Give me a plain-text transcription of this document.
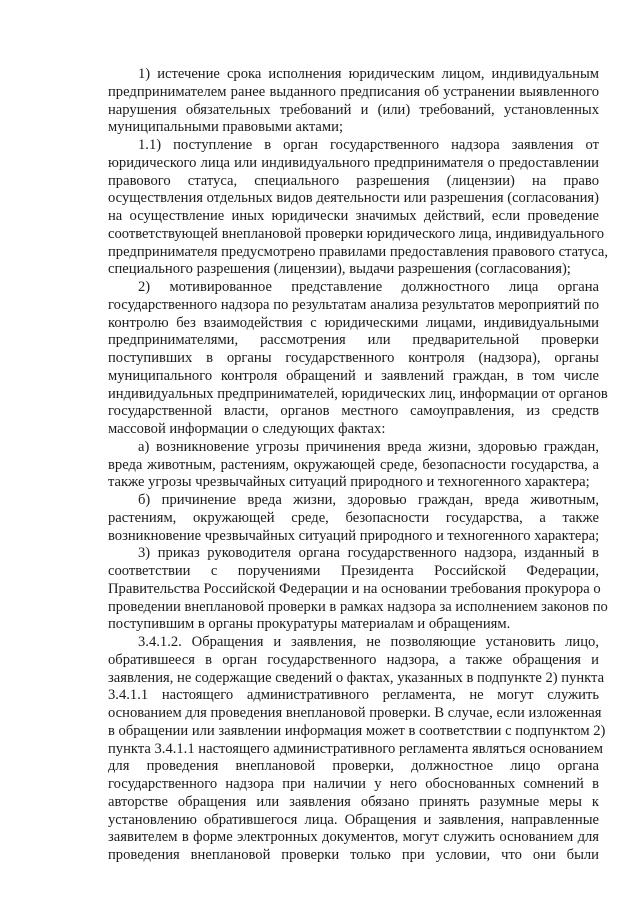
1) истечение срока исполнения юридическим лицом, индивидуальным
предпринимателем ранее выданного предписания об устранении выявленного
нарушения обязательных требований и (или) требований, установленных
муниципальными правовыми актами;
1.1) поступление в орган государственного надзора заявления от
юридического лица или индивидуального предпринимателя о предоставлении
правового статуса, специального разрешения (лицензии) на право
осуществления отдельных видов деятельности или разрешения (согласования)
на осуществление иных юридически значимых действий, если проведение
соответствующей внеплановой проверки юридического лица, индивидуального
предпринимателя предусмотрено правилами предоставления правового статуса,
специального разрешения (лицензии), выдачи разрешения (согласования);
2) мотивированное представление должностного лица органа
государственного надзора по результатам анализа результатов мероприятий по
контролю без взаимодействия с юридическими лицами, индивидуальными
предпринимателями, рассмотрения или предварительной проверки
поступивших в органы государственного контроля (надзора), органы
муниципального контроля обращений и заявлений граждан, в том числе
индивидуальных предпринимателей, юридических лиц, информации от органов
государственной власти, органов местного самоуправления, из средств
массовой информации о следующих фактах:
а) возникновение угрозы причинения вреда жизни, здоровью граждан,
вреда животным, растениям, окружающей среде, безопасности государства, а
также угрозы чрезвычайных ситуаций природного и техногенного характера;
б) причинение вреда жизни, здоровью граждан, вреда животным,
растениям, окружающей среде, безопасности государства, а также
возникновение чрезвычайных ситуаций природного и техногенного характера;
3) приказ руководителя органа государственного надзора, изданный в
соответствии с поручениями Президента Российской Федерации,
Правительства Российской Федерации и на основании требования прокурора о
проведении внеплановой проверки в рамках надзора за исполнением законов по
поступившим в органы прокуратуры материалам и обращениям.
3.4.1.2. Обращения и заявления, не позволяющие установить лицо,
обратившееся в орган государственного надзора, а также обращения и
заявления, не содержащие сведений о фактах, указанных в подпункте 2) пункта
3.4.1.1 настоящего административного регламента, не могут служить
основанием для проведения внеплановой проверки. В случае, если изложенная
в обращении или заявлении информация может в соответствии с подпунктом 2)
пункта 3.4.1.1 настоящего административного регламента являться основанием
для проведения внеплановой проверки, должностное лицо органа
государственного надзора при наличии у него обоснованных сомнений в
авторстве обращения или заявления обязано принять разумные меры к
установлению обратившегося лица. Обращения и заявления, направленные
заявителем в форме электронных документов, могут служить основанием для
проведения внеплановой проверки только при условии, что они были
